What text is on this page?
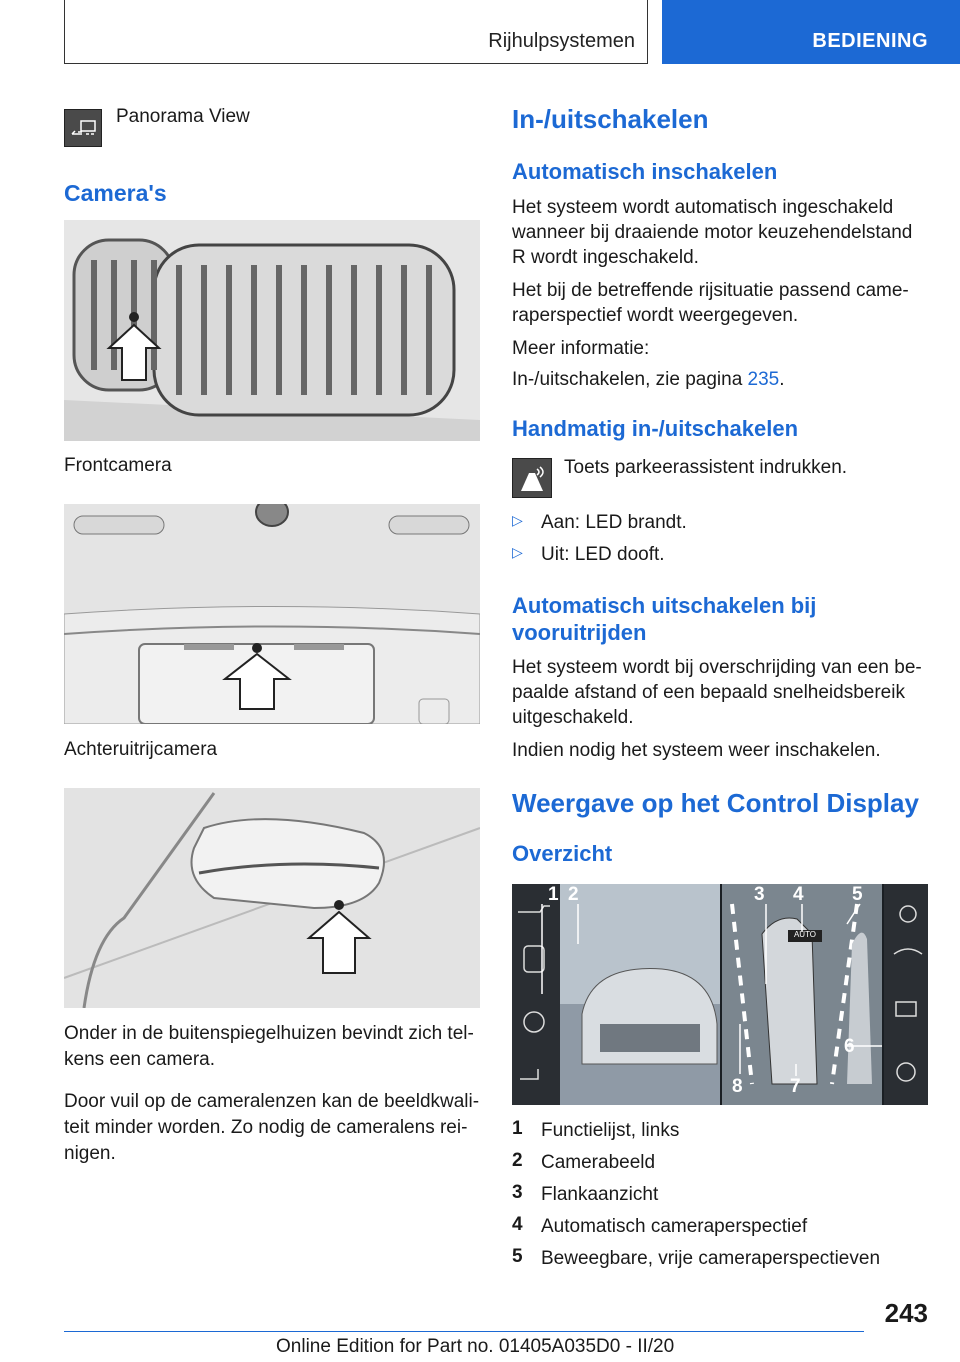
Rijhulpsystemen	BEDIENING
Panorama View
Camera's
Frontcamera
Achteruitrijcamera
Onder in de buitenspiegelhuizen bevindt zich tel-
kens een camera.
Door vuil op de cameralenzen kan de beeldkwali-
teit minder worden. Zo nodig de cameralens rei-
nigen.
In-/uitschakelen
Automatisch inschakelen
Het systeem wordt automatisch ingeschakeld
wanneer bij draaiende motor keuzehendelstand
R wordt ingeschakeld.
Het bij de betreffende rijsituatie passend came-
raperspectief wordt weergegeven.
Meer informatie:
In-/uitschakelen, zie pagina 235.
Handmatig in-/uitschakelen
Toets parkeerassistent indrukken.
▷ Aan: LED brandt.
▷ Uit: LED dooft.
Automatisch uitschakelen bij
vooruitrijden
Het systeem wordt bij overschrijding van een be-
paalde afstand of een bepaald snelheidsbereik
uitgeschakeld.
Indien nodig het systeem weer inschakelen.
Weergave op het Control Display
Overzicht
AUTO
1 2	3 4	5
6
7
8
1 Functielijst, links
2 Camerabeeld
3 Flankaanzicht
4 Automatisch cameraperspectief
5 Beweegbare, vrije cameraperspectieven
243
Online Edition for Part no. 01405A035D0 - II/20
